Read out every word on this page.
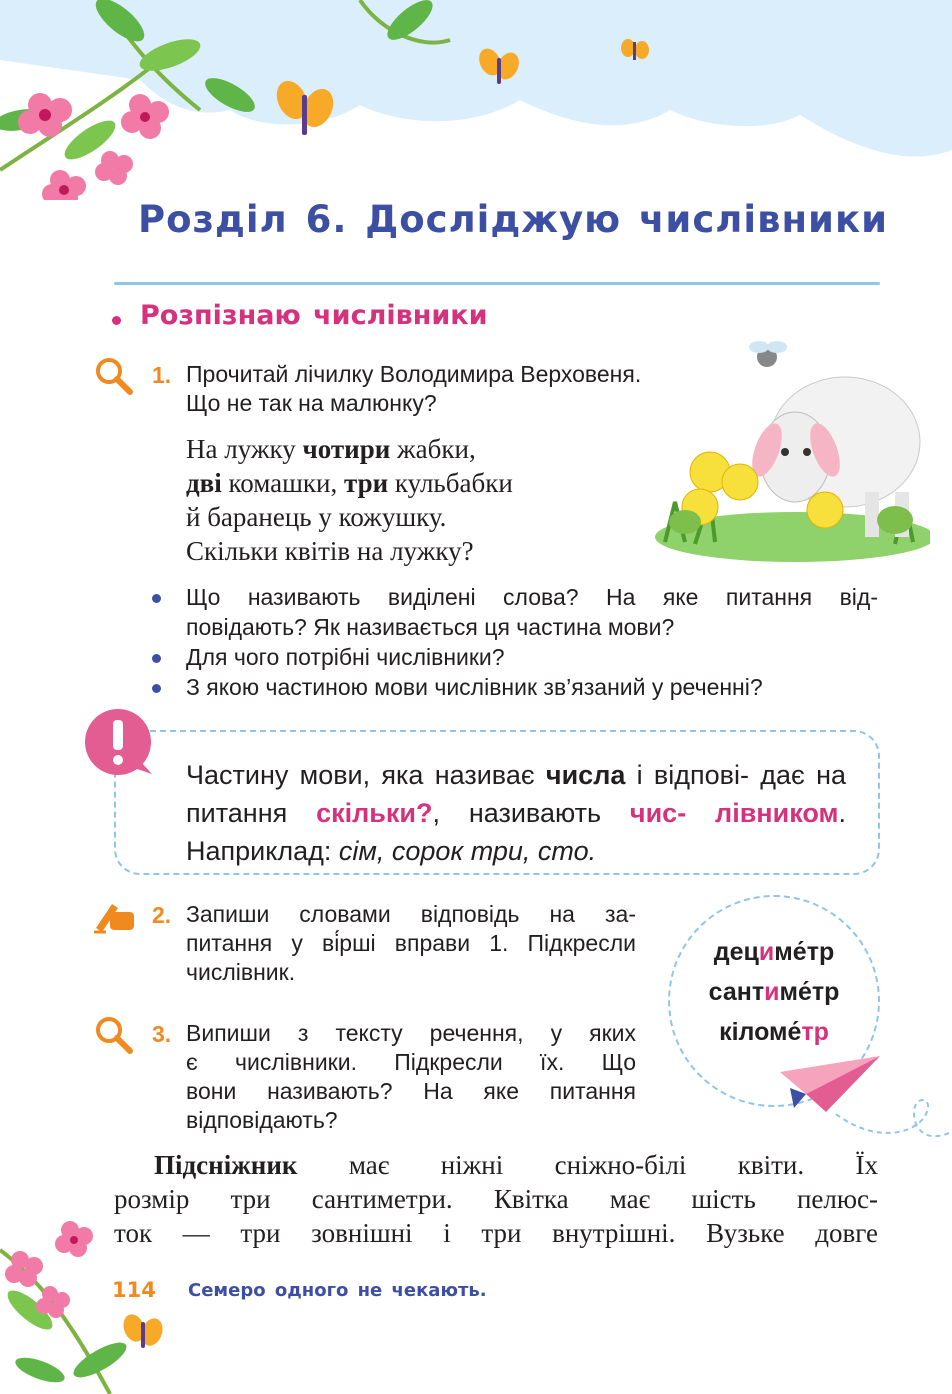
Розділ 6. Досліджую числівники
Розпізнаю числівники
1. Прочитай лічилку Володимира Верховеня.
Що не так на малюнку?
На лужку чотири жабки,
дві комашки, три кульбабки
й баранець у кожушку.
Скільки квітів на лужку?
Що називають виділені слова? На яке питання від-
повідають? Як називається ця частина мови?
Для чого потрібні числівники?
З якою частиною мови числівник зв’язаний у реченні?
Частину мови, яка називає числа і відпові- дає на питання скільки?, називають чис- лівником. Наприклад: сім, сорок три, сто.
2. Запиши словами відповідь на за-
питання у ві́рші вправи 1. Підкресли
числівник.
3. Випиши з тексту речення, у яких
є числівники. Підкресли їх. Що
вони називають? На яке питання
відповідають?
дециме́тр
сантиме́тр
кіломе́тр
Підсніжник має ніжні сніжно-білі квіти. Їх
розмір три сантиметри. Квітка має шість пелюс-
ток — три зовнішні і три внутрішні. Вузьке довге
114 Семеро одного не чекають.
